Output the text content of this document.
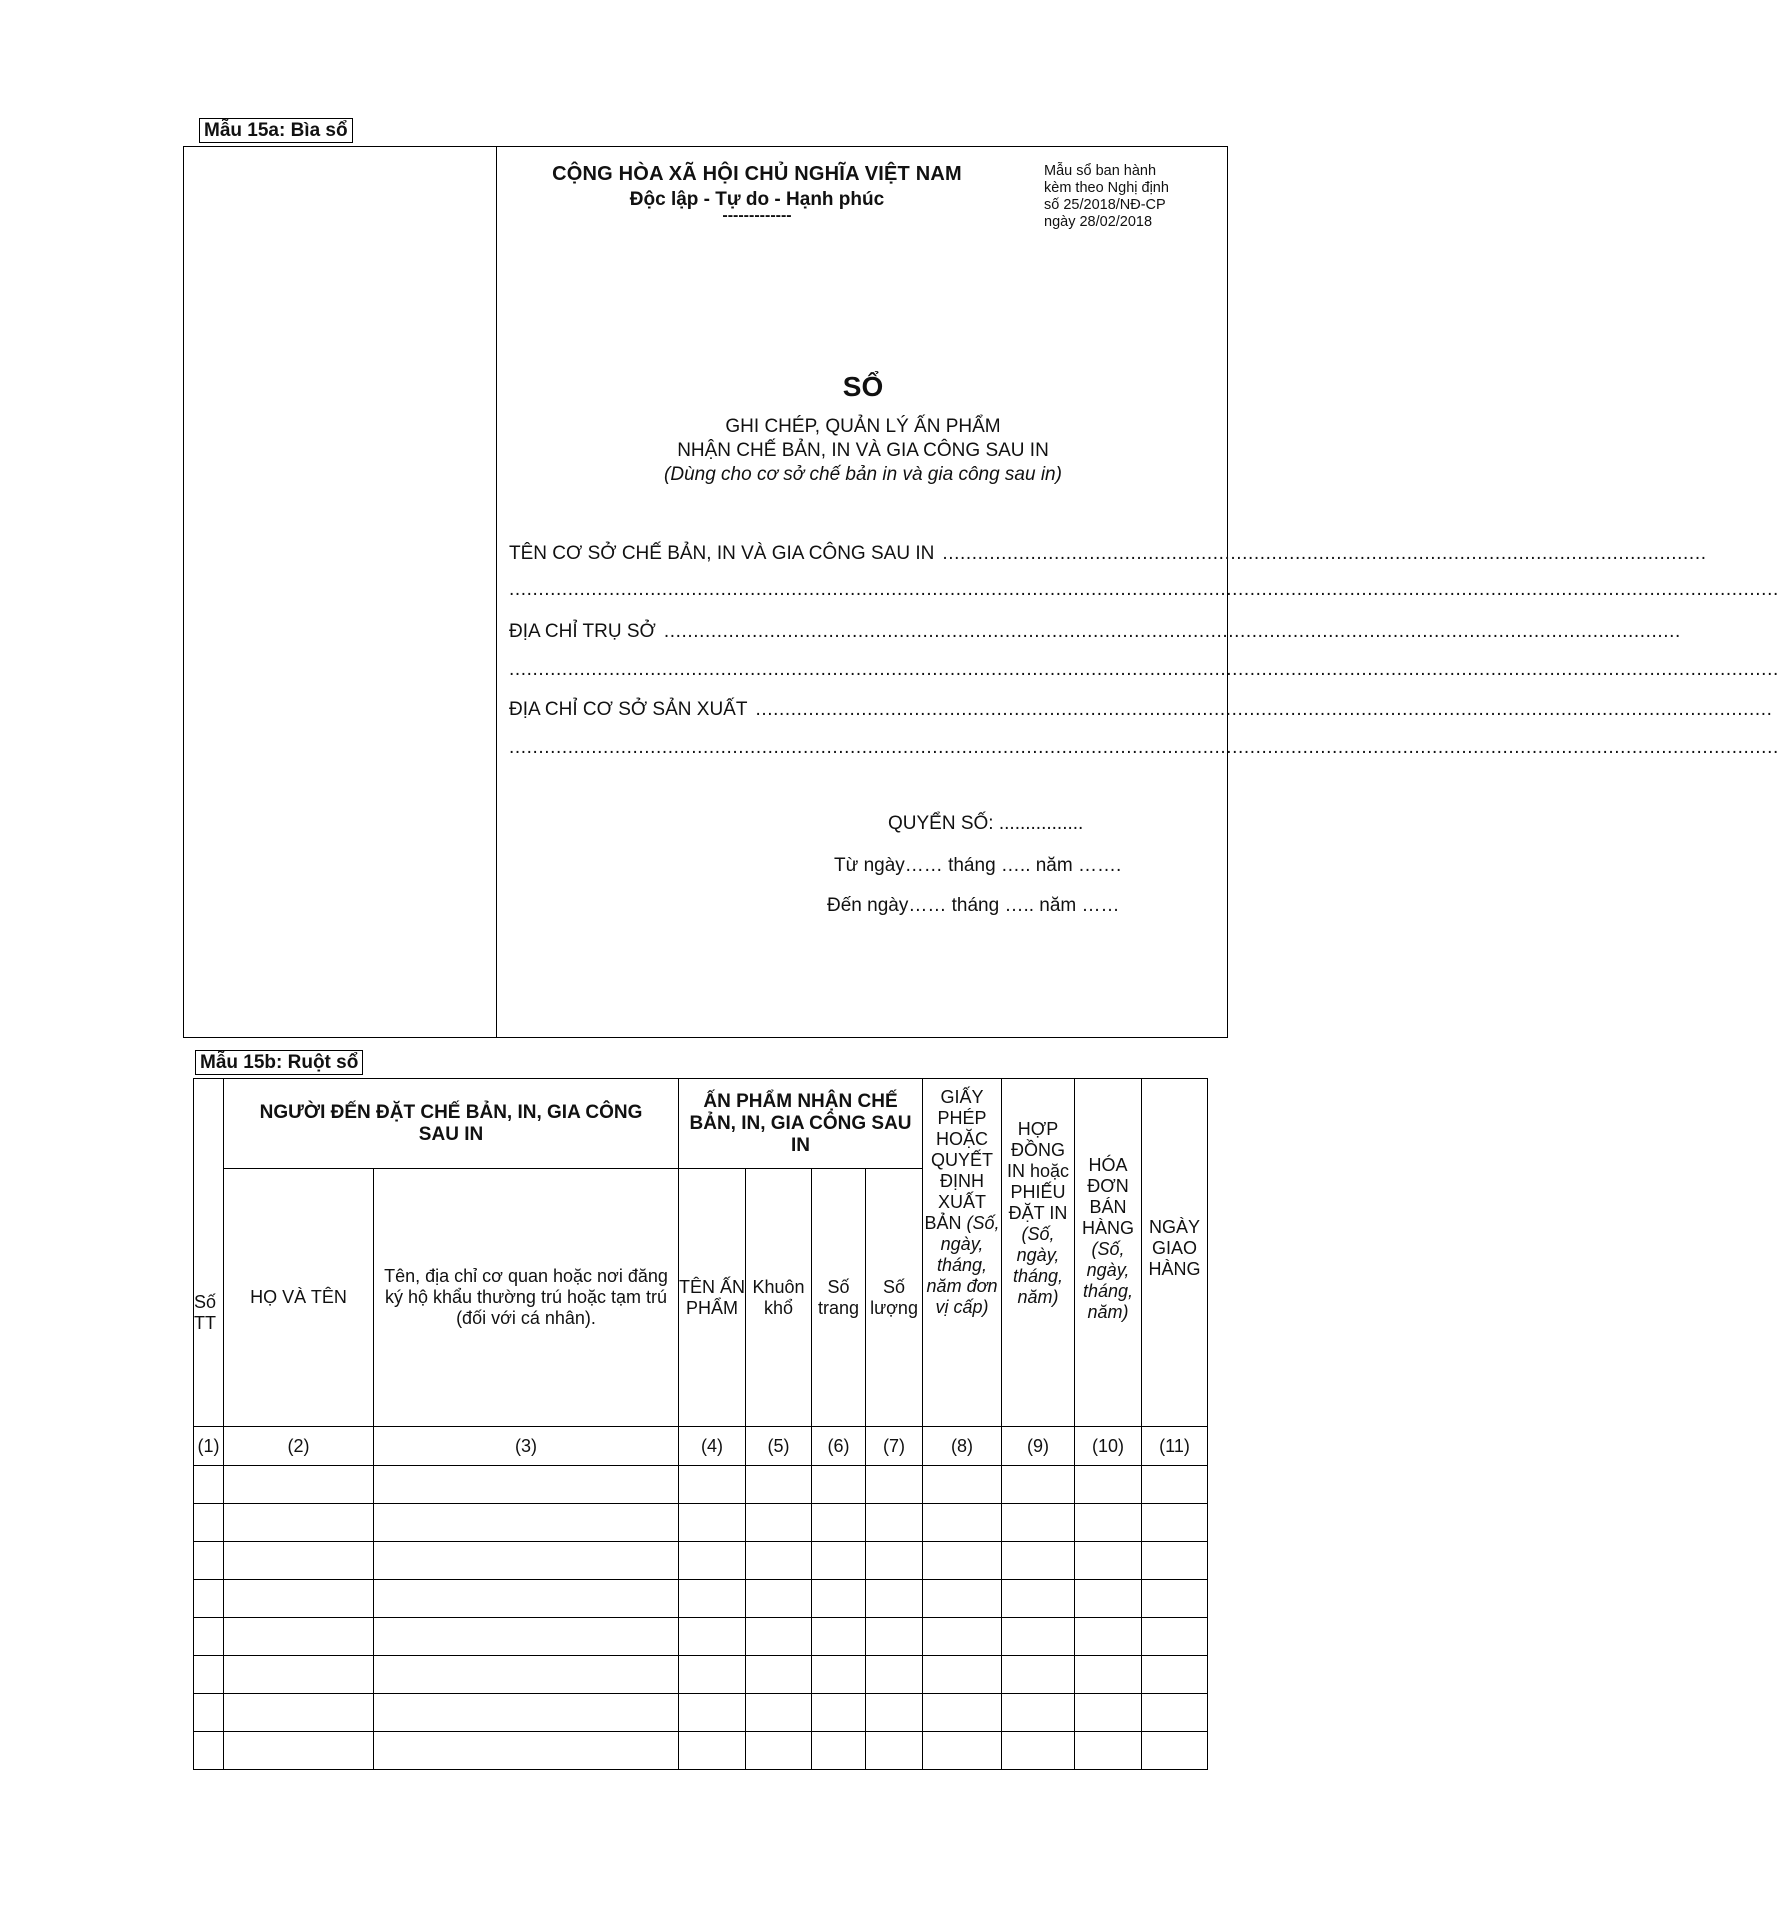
Mẫu 15a: Bìa sổ
CỘNG HÒA XÃ HỘI CHỦ NGHĨA VIỆT NAM
Độc lập - Tự do - Hạnh phúc
-------------
Mẫu sổ ban hành
kèm theo Nghị định
số 25/2018/NĐ-CP
ngày 28/02/2018
SỔ
GHI CHÉP, QUẢN LÝ ẤN PHẨM
NHẬN CHẾ BẢN, IN VÀ GIA CÔNG SAU IN
(Dùng cho cơ sở chế bản in và gia công sau in)
TÊN CƠ SỞ CHẾ BẢN, IN VÀ GIA CÔNG SAU IN ..................................................................................................................................
........................................................................................................................................................................................................................
ĐỊA CHỈ TRỤ SỞ .............................................................................................................................................................................
........................................................................................................................................................................................................................
ĐỊA CHỈ CƠ SỞ SẢN XUẤT .............................................................................................................................................................................
........................................................................................................................................................................................................................
QUYỂN SỐ: ................
Từ ngày…… tháng ….. năm …….
Đến ngày…… tháng ….. năm ……
Mẫu 15b: Ruột sổ
Số TT	NGƯỜI ĐẾN ĐẶT CHẾ BẢN, IN, GIA CÔNG SAU IN		ẤN PHẨM NHẬN CHẾ BẢN, IN, GIA CÔNG SAU IN				GIẤY PHÉP HOẶC QUYẾT ĐỊNH XUẤT BẢN (Số, ngày, tháng, năm đơn vị cấp)	HỢP ĐỒNG IN hoặc PHIẾU ĐẶT IN (Số, ngày, tháng, năm)	HÓA ĐƠN BÁN HÀNG (Số, ngày, tháng, năm)	NGÀY GIAO HÀNG
	HỌ VÀ TÊN	Tên, địa chỉ cơ quan hoặc nơi đăng ký hộ khẩu thường trú hoặc tạm trú (đối với cá nhân).	TÊN ẤN PHẨM	Khuôn khổ	Số trang	Số lượng				
(1)	(2)	(3)	(4)	(5)	(6)	(7)	(8)	(9)	(10)	(11)
